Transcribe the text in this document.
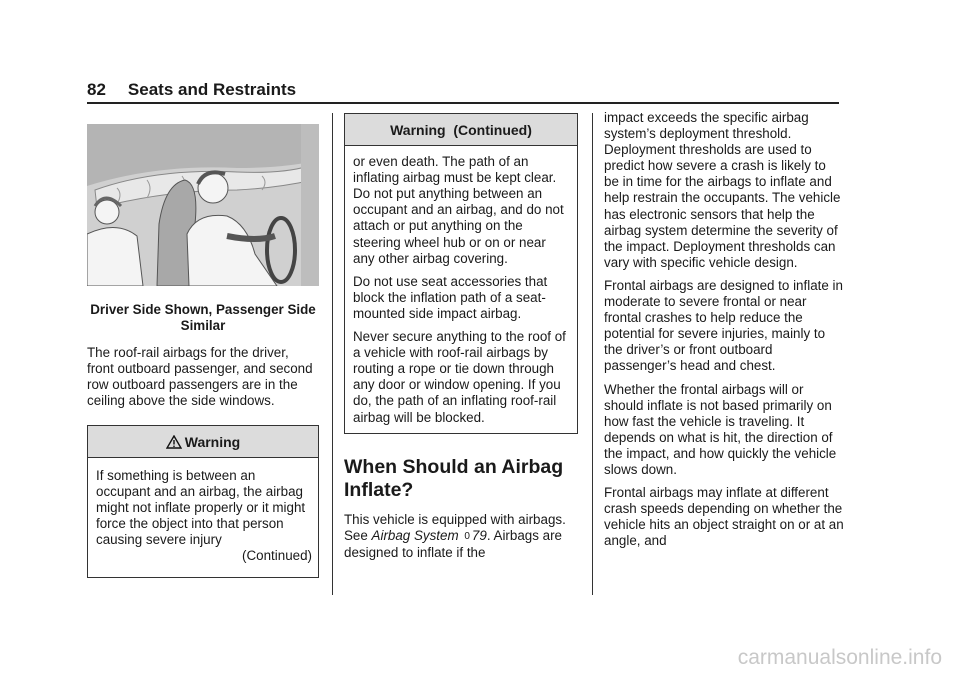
82 Seats and Restraints
Driver Side Shown, Passenger Side Similar

The roof-rail airbags for the driver, front outboard passenger, and second row outboard passengers are in the ceiling above the side windows.

Warning

If something is between an occupant and an airbag, the airbag might not inflate properly or it might force the object into that person causing severe injury

(Continued)

Warning  (Continued)

or even death. The path of an inflating airbag must be kept clear. Do not put anything between an occupant and an airbag, and do not attach or put anything on the steering wheel hub or on or near any other airbag covering.

Do not use seat accessories that block the inflation path of a seat-mounted side impact airbag.

Never secure anything to the roof of a vehicle with roof-rail airbags by routing a rope or tie down through any door or window opening. If you do, the path of an inflating roof-rail airbag will be blocked.

When Should an Airbag Inflate?

This vehicle is equipped with airbags. See Airbag System 0 79. Airbags are designed to inflate if the

impact exceeds the specific airbag system’s deployment threshold. Deployment thresholds are used to predict how severe a crash is likely to be in time for the airbags to inflate and help restrain the occupants. The vehicle has electronic sensors that help the airbag system determine the severity of the impact. Deployment thresholds can vary with specific vehicle design.

Frontal airbags are designed to inflate in moderate to severe frontal or near frontal crashes to help reduce the potential for severe injuries, mainly to the driver’s or front outboard passenger’s head and chest.

Whether the frontal airbags will or should inflate is not based primarily on how fast the vehicle is traveling. It depends on what is hit, the direction of the impact, and how quickly the vehicle slows down.

Frontal airbags may inflate at different crash speeds depending on whether the vehicle hits an object straight on or at an angle, and

carmanualsonline.info
